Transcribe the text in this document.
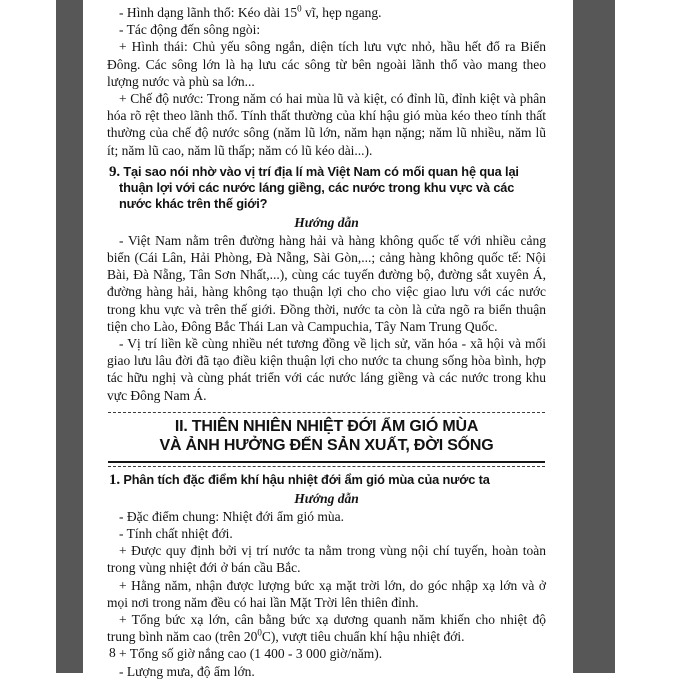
- Hình dạng lãnh thổ: Kéo dài $15^0$ vĩ, hẹp ngang.

- Tác động đến sông ngòi:

+ Hình thái: Chủ yếu sông ngắn, diện tích lưu vực nhỏ, hầu hết đổ ra Biển Đông. Các sông lớn là hạ lưu các sông từ bên ngoài lãnh thổ vào mang theo lượng nước và phù sa lớn...

+ Chế độ nước: Trong năm có hai mùa lũ và kiệt, có đỉnh lũ, đỉnh kiệt và phân hóa rõ rệt theo lãnh thổ. Tính thất thường của khí hậu gió mùa kéo theo tính thất thường của chế độ nước sông (năm lũ lớn, năm hạn nặng; năm lũ nhiều, năm lũ ít; năm lũ cao, năm lũ thấp; năm có lũ kéo dài...).

9. Tại sao nói nhờ vào vị trí địa lí mà Việt Nam có mối quan hệ qua lại thuận lợi với các nước láng giềng, các nước trong khu vực và các nước khác trên thế giới?

Hướng dẫn

- Việt Nam nằm trên đường hàng hải và hàng không quốc tế với nhiều cảng biển (Cái Lân, Hải Phòng, Đà Nẵng, Sài Gòn,...; cảng hàng không quốc tế: Nội Bài, Đà Nẵng, Tân Sơn Nhất,...), cùng các tuyến đường bộ, đường sắt xuyên Á, đường hàng hải, hàng không tạo thuận lợi cho cho việc giao lưu với các nước trong khu vực và trên thế giới. Đồng thời, nước ta còn là cửa ngõ ra biển thuận tiện cho Lào, Đông Bắc Thái Lan và Campuchia, Tây Nam Trung Quốc.

- Vị trí liền kề cùng nhiều nét tương đồng về lịch sử, văn hóa - xã hội và mối giao lưu lâu đời đã tạo điều kiện thuận lợi cho nước ta chung sống hòa bình, hợp tác hữu nghị và cùng phát triển với các nước láng giềng và các nước trong khu vực Đông Nam Á.

II. THIÊN NHIÊN NHIỆT ĐỚI ẨM GIÓ MÙA
VÀ ẢNH HƯỞNG ĐẾN SẢN XUẤT, ĐỜI SỐNG

1. Phân tích đặc điểm khí hậu nhiệt đới ẩm gió mùa của nước ta

Hướng dẫn

- Đặc điểm chung: Nhiệt đới ẩm gió mùa.

- Tính chất nhiệt đới.

+ Được quy định bởi vị trí nước ta nằm trong vùng nội chí tuyến, hoàn toàn trong vùng nhiệt đới ở bán cầu Bắc.

+ Hằng năm, nhận được lượng bức xạ mặt trời lớn, do góc nhập xạ lớn và ở mọi nơi trong năm đều có hai lần Mặt Trời lên thiên đỉnh.

+ Tổng bức xạ lớn, cân bằng bức xạ dương quanh năm khiến cho nhiệt độ trung bình năm cao (trên $20^0C$), vượt tiêu chuẩn khí hậu nhiệt đới.

+ Tổng số giờ nắng cao (1 400 - 3 000 giờ/năm).

- Lượng mưa, độ ẩm lớn.

8
